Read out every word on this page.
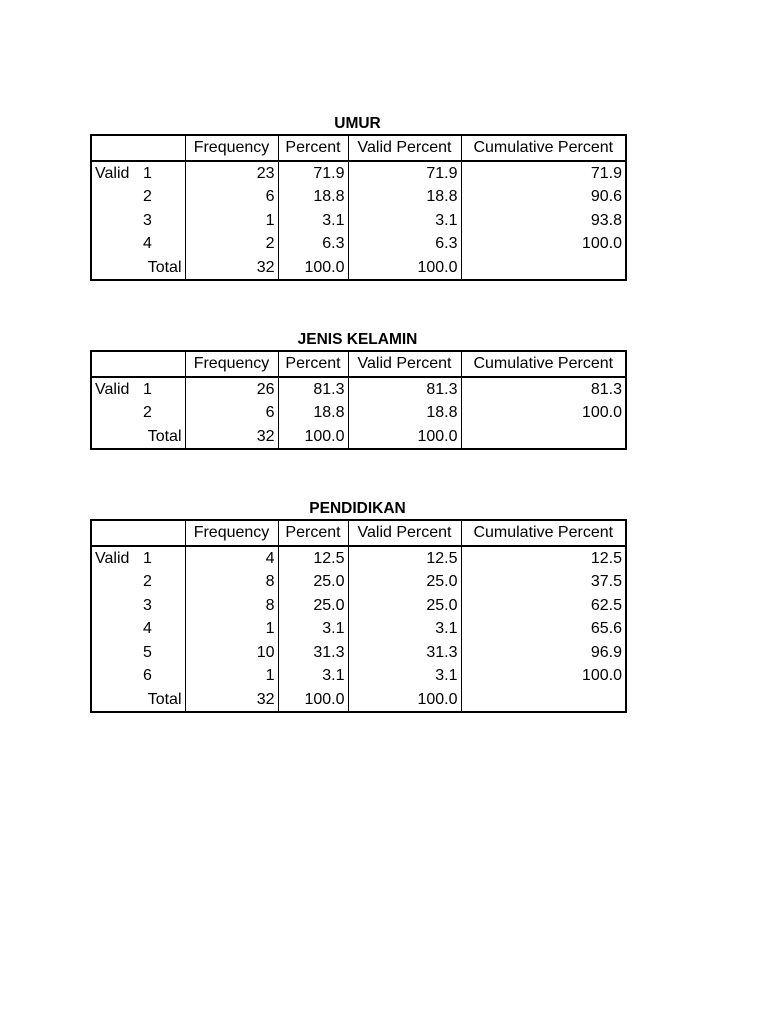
UMUR
		Frequency	Percent	Valid Percent	Cumulative Percent
Valid	1	23	71.9	71.9	71.9
	2	6	18.8	18.8	90.6
	3	1	3.1	3.1	93.8
	4	2	6.3	6.3	100.0
	Total	32	100.0	100.0	
JENIS KELAMIN
		Frequency	Percent	Valid Percent	Cumulative Percent
Valid	1	26	81.3	81.3	81.3
	2	6	18.8	18.8	100.0
	Total	32	100.0	100.0	
PENDIDIKAN
		Frequency	Percent	Valid Percent	Cumulative Percent
Valid	1	4	12.5	12.5	12.5
	2	8	25.0	25.0	37.5
	3	8	25.0	25.0	62.5
	4	1	3.1	3.1	65.6
	5	10	31.3	31.3	96.9
	6	1	3.1	3.1	100.0
	Total	32	100.0	100.0	
